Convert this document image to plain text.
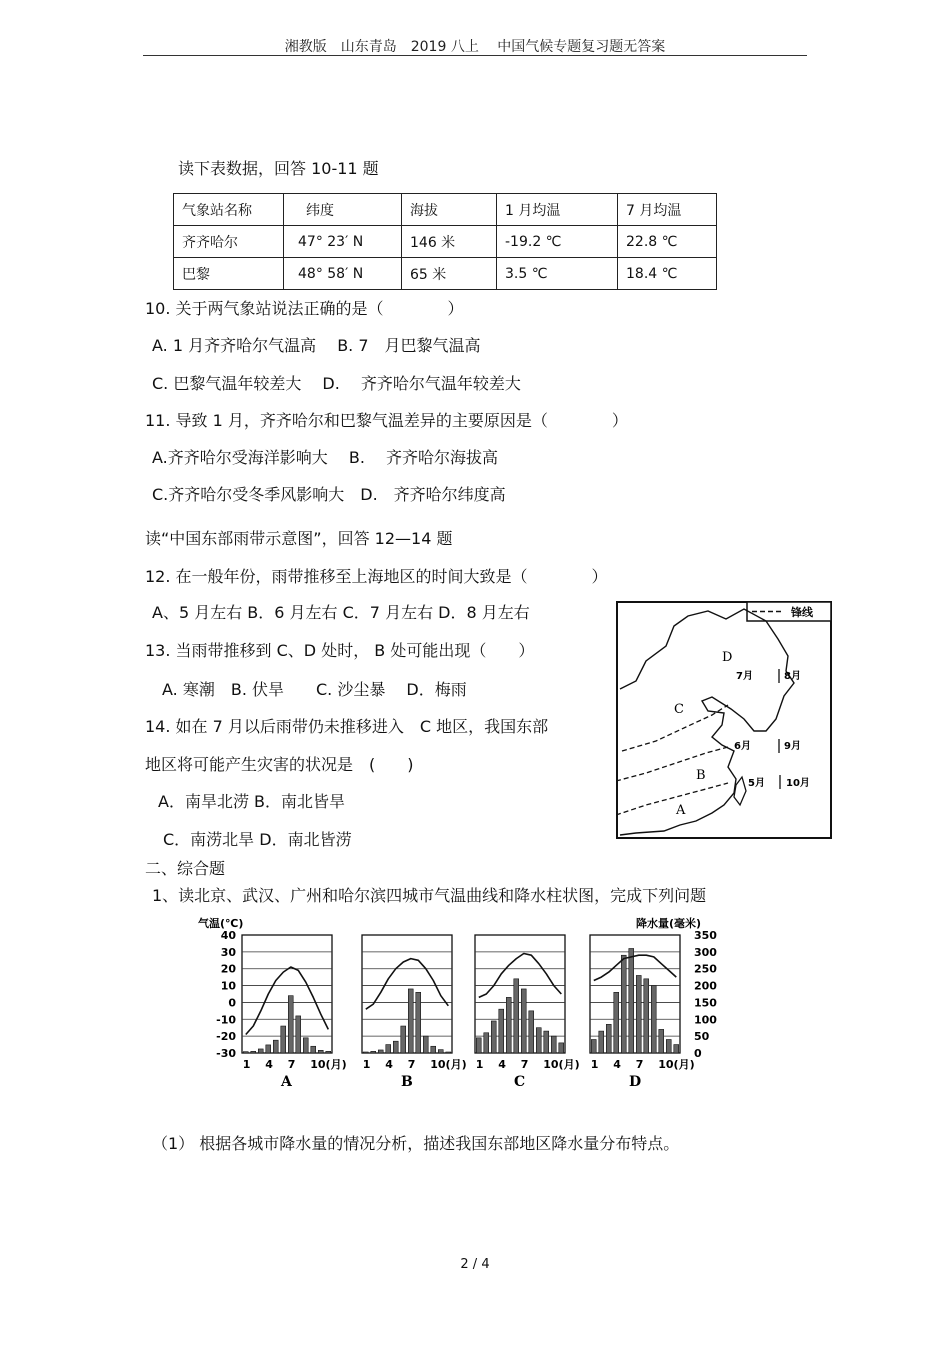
湘教版　山东青岛　2019 八上　 中国气候专题复习题无答案
读下表数据，回答 10-11 题
气象站名称	纬度	海拔	1 月均温	7 月均温
齐齐哈尔	47° 23′ N	146 米	-19.2 ℃	22.8 ℃
巴黎	48° 58′ N	65 米	3.5 ℃	18.4 ℃
10. 关于两气象站说法正确的是（　　　　）
A. 1 月齐齐哈尔气温高　 B. 7　月巴黎气温高
C. 巴黎气温年较差大　 D.　 齐齐哈尔气温年较差大
11. 导致 1 月，齐齐哈尔和巴黎气温差异的主要原因是（　　　　）
A.齐齐哈尔受海洋影响大　 B.　 齐齐哈尔海拔高
C.齐齐哈尔受冬季风影响大　D.　齐齐哈尔纬度高
读“中国东部雨带示意图”，回答 12—14 题
12. 在一般年份，雨带推移至上海地区的时间大致是（　　　　）
A、5 月左右 B．6 月左右 C．7 月左右 D．8 月左右
13. 当雨带推移到 C、D 处时， B 处可能出现（　　）
A. 寒潮　B. 伏旱　　C. 沙尘暴　 D．梅雨
14. 如在 7 月以后雨带仍未推移进入　C 地区，我国东部
地区将可能产生灾害的状况是　(　　)
A．南旱北涝 B．南北皆旱
C．南涝北旱 D．南北皆涝
锋线
D
C
B
A
7月	8月
6月	9月
5月 10月
二、综合题
1、读北京、武汉、广州和哈尔滨四城市气温曲线和降水柱状图，完成下列问题
气温(℃)	降水量(毫米)
40
30
20
10
0
-10
-20
-30
350
300
250
200
150
100
50
0
1 4 7 10(月)
A
1 4 7 10(月)
B
1 4 7 10(月)
C
1 4 7 10(月)
D
（1） 根据各城市降水量的情况分析，描述我国东部地区降水量分布特点。
2 / 4
